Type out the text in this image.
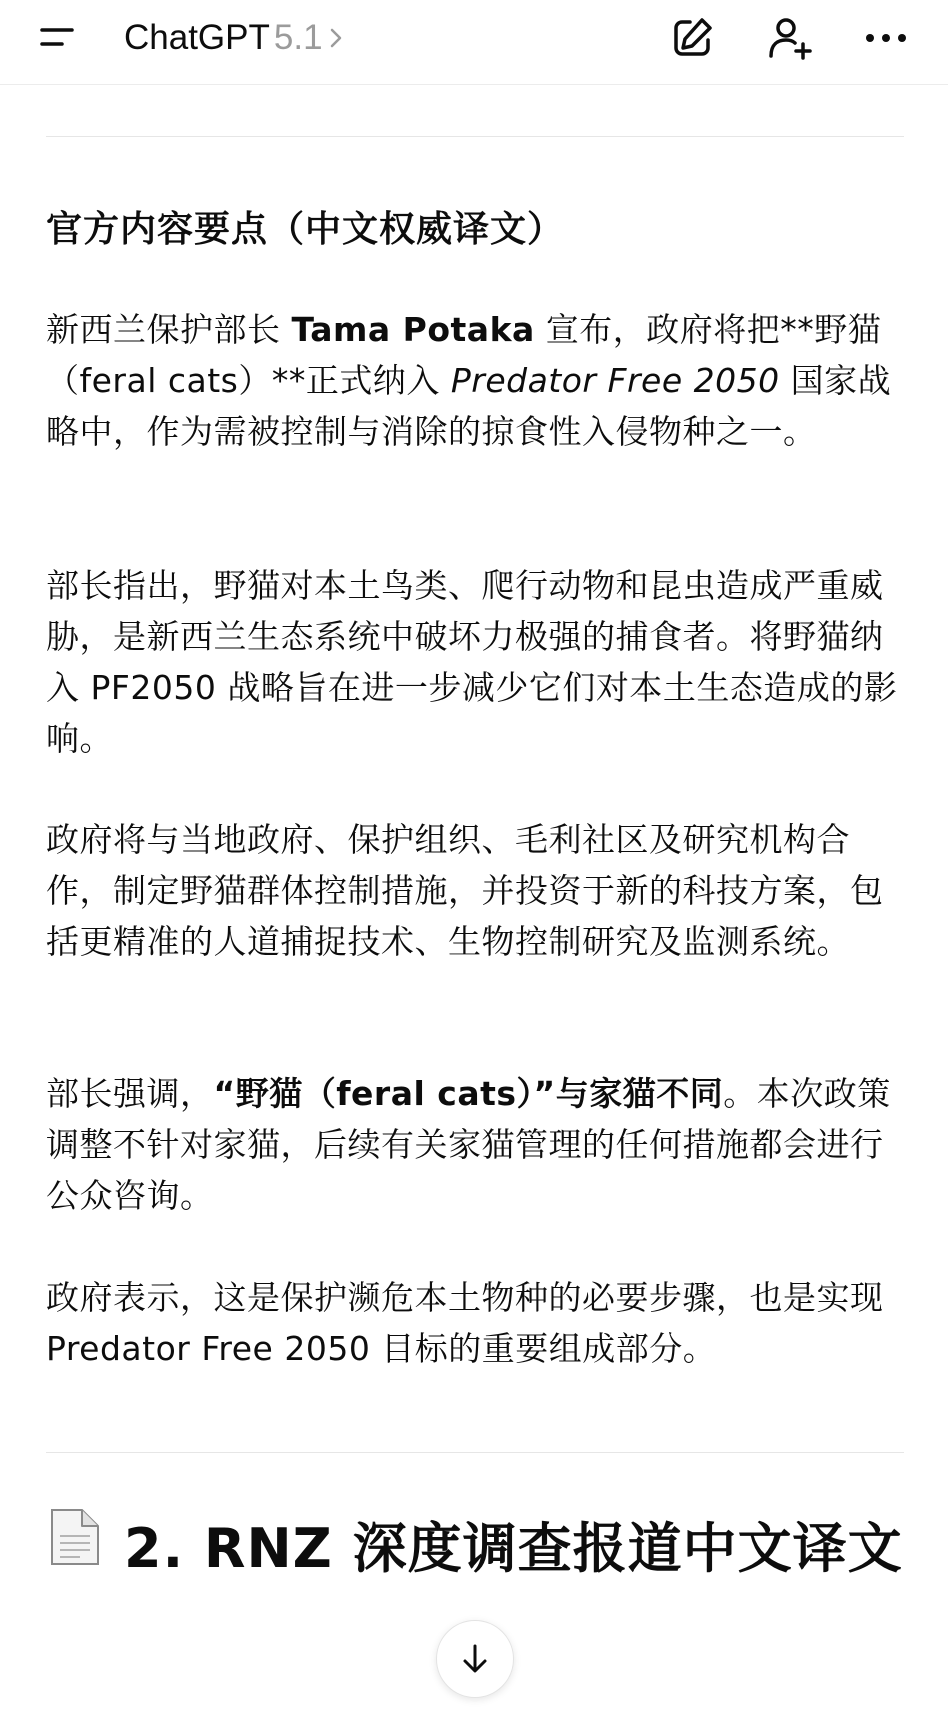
ChatGPT 5.1
官方内容要点（中文权威译文）
新西兰保护部长 Tama Potaka 宣布，政府将把**野猫（feral cats）**正式纳入 Predator Free 2050 国家战略中，作为需被控制与消除的掠食性入侵物种之一。
部长指出，野猫对本土鸟类、爬行动物和昆虫造成严重威胁，是新西兰生态系统中破坏力极强的捕食者。将野猫纳入 PF2050 战略旨在进一步减少它们对本土生态造成的影响。
政府将与当地政府、保护组织、毛利社区及研究机构合作，制定野猫群体控制措施，并投资于新的科技方案，包括更精准的人道捕捉技术、生物控制研究及监测系统。
部长强调，“野猫（feral cats）”与家猫不同。本次政策调整不针对家猫，后续有关家猫管理的任何措施都会进行公众咨询。
政府表示，这是保护濒危本土物种的必要步骤，也是实现 Predator Free 2050 目标的重要组成部分。
2. RNZ 深度调查报道中文译文
